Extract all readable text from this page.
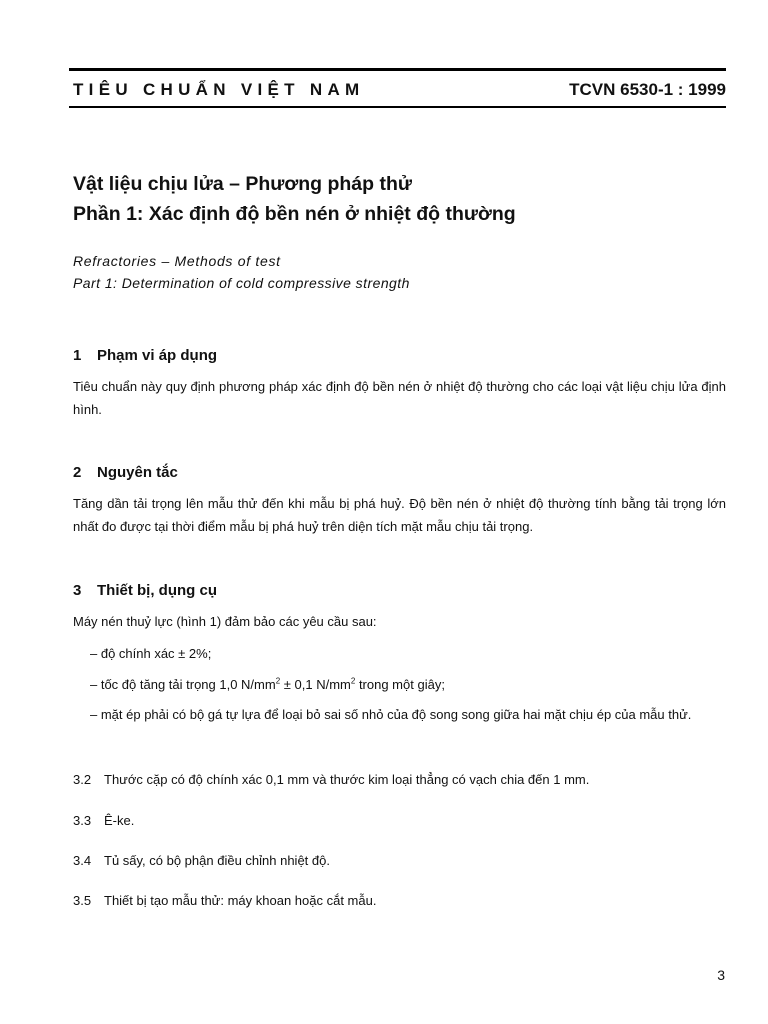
TIÊU CHUẨN VIỆT NAM	TCVN 6530-1 : 1999
Vật liệu chịu lửa – Phương pháp thử
Phần 1: Xác định độ bền nén ở nhiệt độ thường
Refractories – Methods of test
Part 1: Determination of cold compressive strength
1 Phạm vi áp dụng

Tiêu chuẩn này quy định phương pháp xác định độ bền nén ở nhiệt độ thường cho các loại vật liệu chịu lửa định hình.

2 Nguyên tắc

Tăng dần tải trọng lên mẫu thử đến khi mẫu bị phá huỷ. Độ bền nén ở nhiệt độ thường tính bằng tải trọng lớn nhất đo được tại thời điểm mẫu bị phá huỷ trên diện tích mặt mẫu chịu tải trọng.

3 Thiết bị, dụng cụ
Máy nén thuỷ lực (hình 1) đảm bảo các yêu cầu sau:
– độ chính xác ± 2%;
– tốc độ tăng tải trọng 1,0 $N/mm^2 \pm 0,1$ $N/mm^2$ trong một giây;

– mặt ép phải có bộ gá tự lựa để loại bỏ sai số nhỏ của độ song song giữa hai mặt chịu ép của mẫu thử.

3.2 Thước cặp có độ chính xác 0,1 mm và thước kim loại thẳng có vạch chia đến 1 mm.
3.3 Ê-ke.
3.4 Tủ sấy, có bộ phận điều chỉnh nhiệt độ.
3.5 Thiết bị tạo mẫu thử: máy khoan hoặc cắt mẫu.
3
